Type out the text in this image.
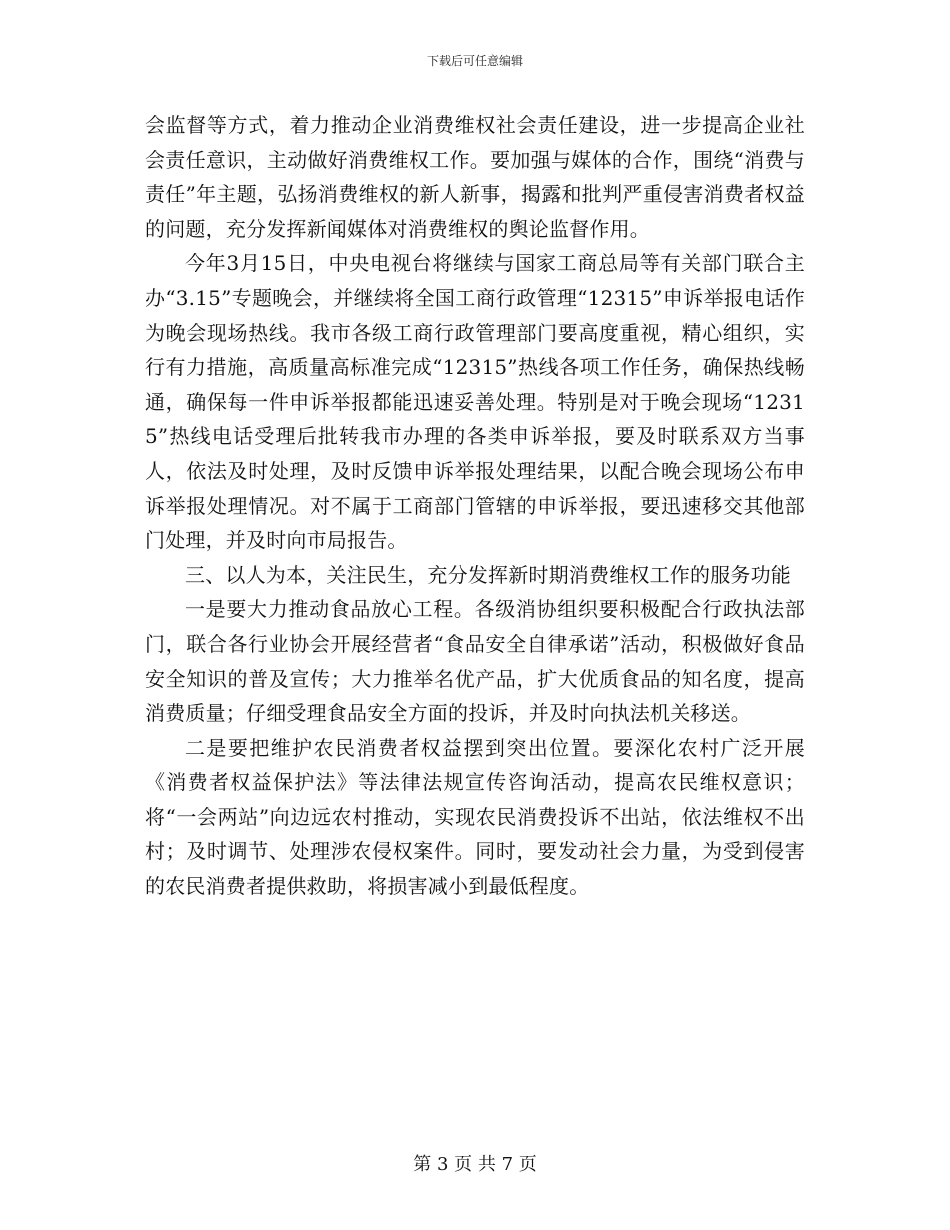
下载后可任意编辑

会监督等方式，着力推动企业消费维权社会责任建设，进一步提高企业社会责任意识，主动做好消费维权工作。要加强与媒体的合作，围绕“消费与责任”年主题，弘扬消费维权的新人新事，揭露和批判严重侵害消费者权益的问题，充分发挥新闻媒体对消费维权的舆论监督作用。

今年3月15日，中央电视台将继续与国家工商总局等有关部门联合主办“3.15”专题晚会，并继续将全国工商行政管理“12315”申诉举报电话作为晚会现场热线。我市各级工商行政管理部门要高度重视，精心组织，实行有力措施，高质量高标准完成“12315”热线各项工作任务，确保热线畅通，确保每一件申诉举报都能迅速妥善处理。特别是对于晚会现场“12315”热线电话受理后批转我市办理的各类申诉举报，要及时联系双方当事人，依法及时处理，及时反馈申诉举报处理结果，以配合晚会现场公布申诉举报处理情况。对不属于工商部门管辖的申诉举报，要迅速移交其他部门处理，并及时向市局报告。

三、以人为本，关注民生，充分发挥新时期消费维权工作的服务功能

一是要大力推动食品放心工程。各级消协组织要积极配合行政执法部门，联合各行业协会开展经营者“食品安全自律承诺”活动，积极做好食品安全知识的普及宣传；大力推举名优产品，扩大优质食品的知名度，提高消费质量；仔细受理食品安全方面的投诉，并及时向执法机关移送。

二是要把维护农民消费者权益摆到突出位置。要深化农村广泛开展《消费者权益保护法》等法律法规宣传咨询活动，提高农民维权意识；将“一会两站”向边远农村推动，实现农民消费投诉不出站，依法维权不出村；及时调节、处理涉农侵权案件。同时，要发动社会力量，为受到侵害的农民消费者提供救助，将损害减小到最低程度。

第 3 页 共 7 页
